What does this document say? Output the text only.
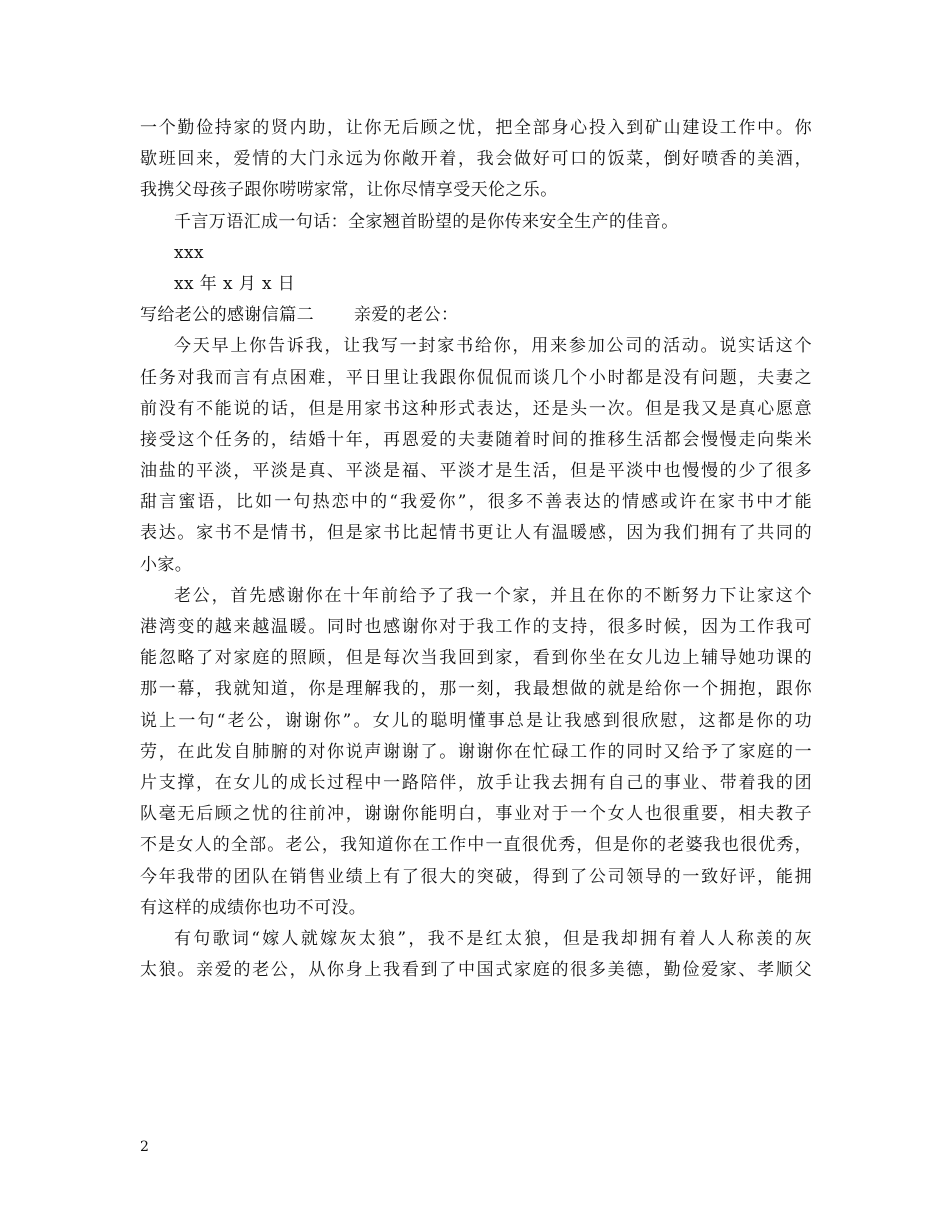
一个勤俭持家的贤内助，让你无后顾之忧，把全部身心投入到矿山建设工作中。你
歇班回来，爱情的大门永远为你敞开着，我会做好可口的饭菜，倒好喷香的美酒，
我携父母孩子跟你唠唠家常，让你尽情享受天伦之乐。
千言万语汇成一句话：全家翘首盼望的是你传来安全生产的佳音。
xxx
xx 年 x 月 x 日
写给老公的感谢信篇二 亲爱的老公：
今天早上你告诉我，让我写一封家书给你，用来参加公司的活动。说实话这个
任务对我而言有点困难，平日里让我跟你侃侃而谈几个小时都是没有问题，夫妻之
前没有不能说的话，但是用家书这种形式表达，还是头一次。但是我又是真心愿意
接受这个任务的，结婚十年，再恩爱的夫妻随着时间的推移生活都会慢慢走向柴米
油盐的平淡，平淡是真、平淡是福、平淡才是生活，但是平淡中也慢慢的少了很多
甜言蜜语，比如一句热恋中的“我爱你”，很多不善表达的情感或许在家书中才能
表达。家书不是情书，但是家书比起情书更让人有温暖感，因为我们拥有了共同的
小家。
老公，首先感谢你在十年前给予了我一个家，并且在你的不断努力下让家这个
港湾变的越来越温暖。同时也感谢你对于我工作的支持，很多时候，因为工作我可
能忽略了对家庭的照顾，但是每次当我回到家，看到你坐在女儿边上辅导她功课的
那一幕，我就知道，你是理解我的，那一刻，我最想做的就是给你一个拥抱，跟你
说上一句“老公，谢谢你”。女儿的聪明懂事总是让我感到很欣慰，这都是你的功
劳，在此发自肺腑的对你说声谢谢了。谢谢你在忙碌工作的同时又给予了家庭的一
片支撑，在女儿的成长过程中一路陪伴，放手让我去拥有自己的事业、带着我的团
队毫无后顾之忧的往前冲，谢谢你能明白，事业对于一个女人也很重要，相夫教子
不是女人的全部。老公，我知道你在工作中一直很优秀，但是你的老婆我也很优秀，
今年我带的团队在销售业绩上有了很大的突破，得到了公司领导的一致好评，能拥
有这样的成绩你也功不可没。
有句歌词“嫁人就嫁灰太狼”，我不是红太狼，但是我却拥有着人人称羡的灰
太狼。亲爱的老公，从你身上我看到了中国式家庭的很多美德，勤俭爱家、孝顺父
2
